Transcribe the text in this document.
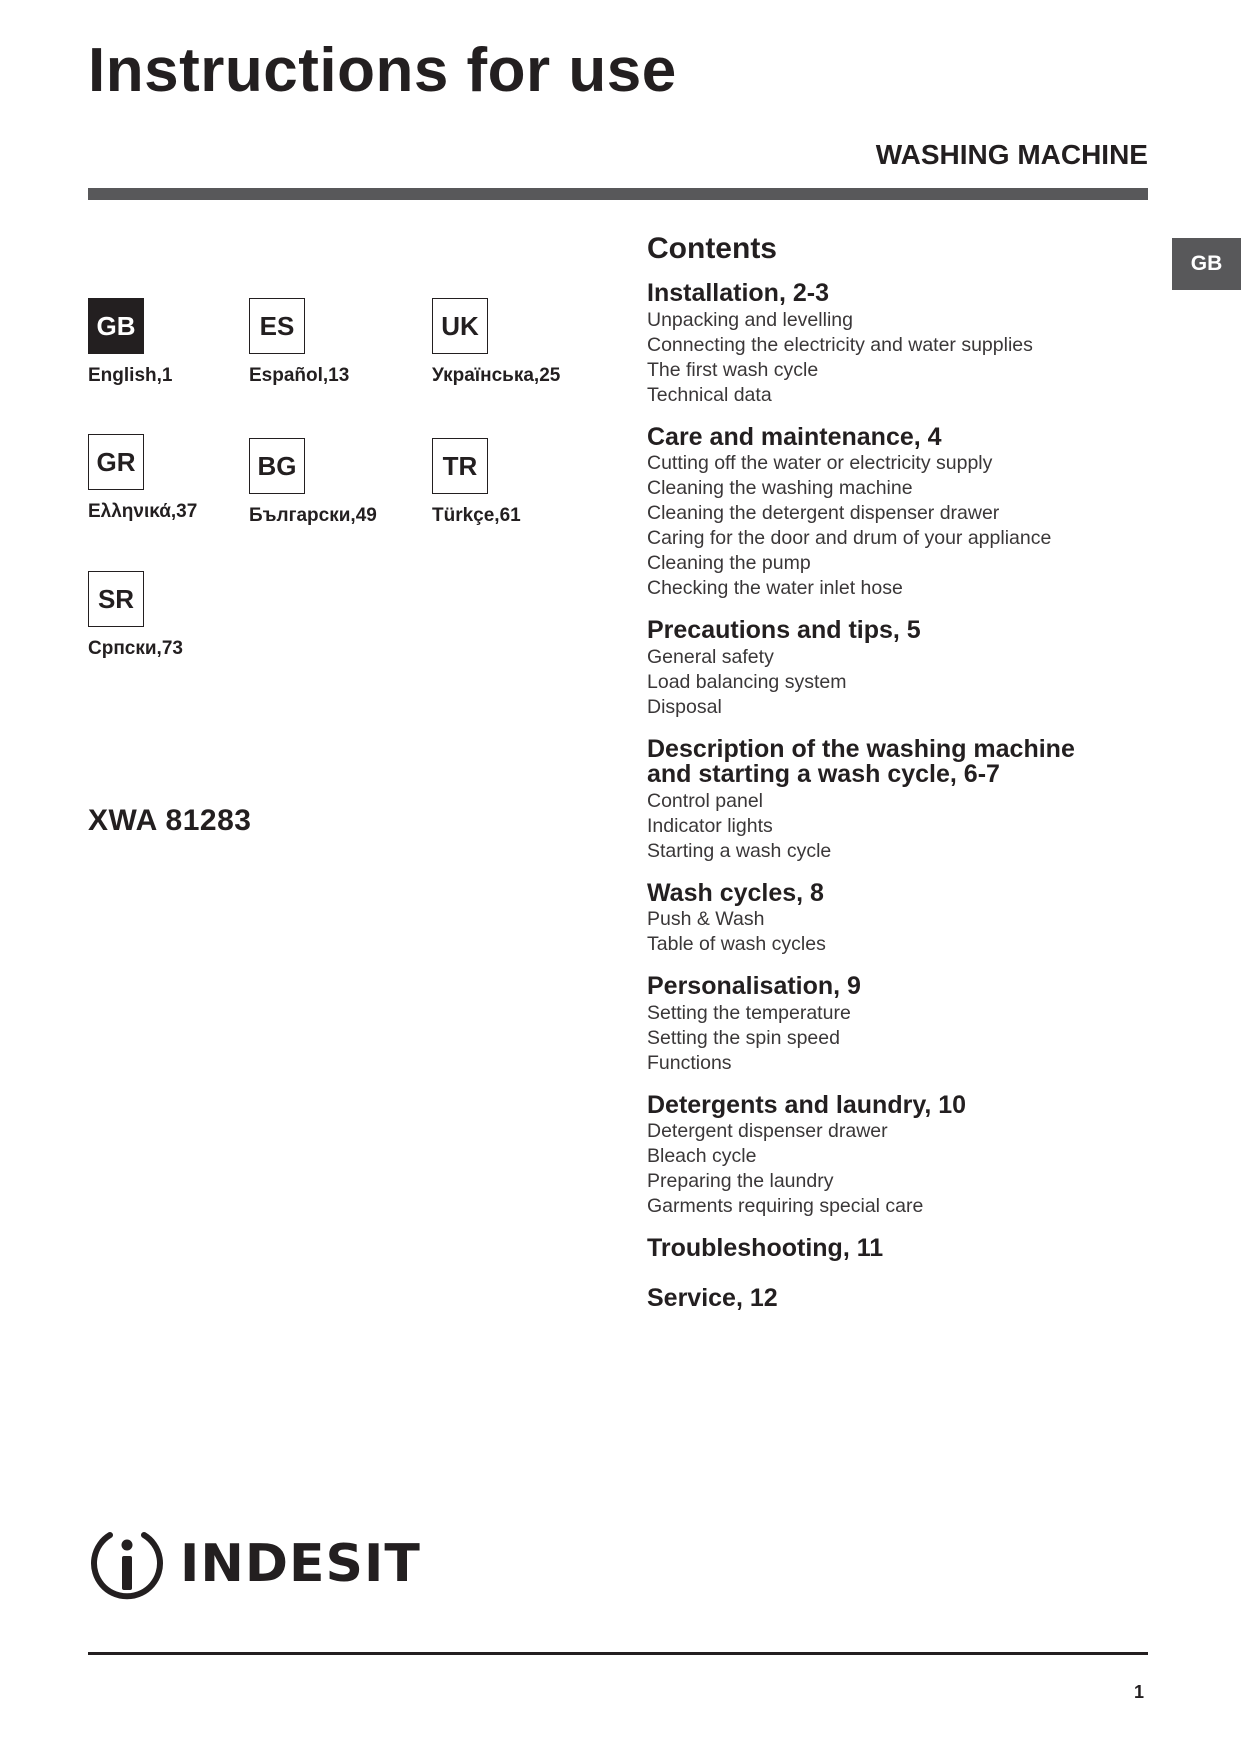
Instructions for use
WASHING MACHINE
GB
GB
English,1
ES
Español,13
UK
Українська,25
GR
Ελληνικά,37
BG
Български,49
TR
Türkçe,61
SR
Српски,73
XWA 81283
Contents
Installation, 2-3
Unpacking and levelling
Connecting the electricity and water supplies
The first wash cycle
Technical data
Care and maintenance, 4
Cutting off the water or electricity supply
Cleaning the washing machine
Cleaning the detergent dispenser drawer
Caring for the door and drum of your appliance
Cleaning the pump
Checking the water inlet hose
Precautions and tips, 5
General safety
Load balancing system
Disposal
Description of the washing machine
and starting a wash cycle, 6-7
Control panel
Indicator lights
Starting a wash cycle
Wash cycles, 8
Push & Wash
Table of wash cycles
Personalisation, 9
Setting the temperature
Setting the spin speed
Functions
Detergents and laundry, 10
Detergent dispenser drawer
Bleach cycle
Preparing the laundry
Garments requiring special care
Troubleshooting, 11
Service, 12
INDESIT
1
